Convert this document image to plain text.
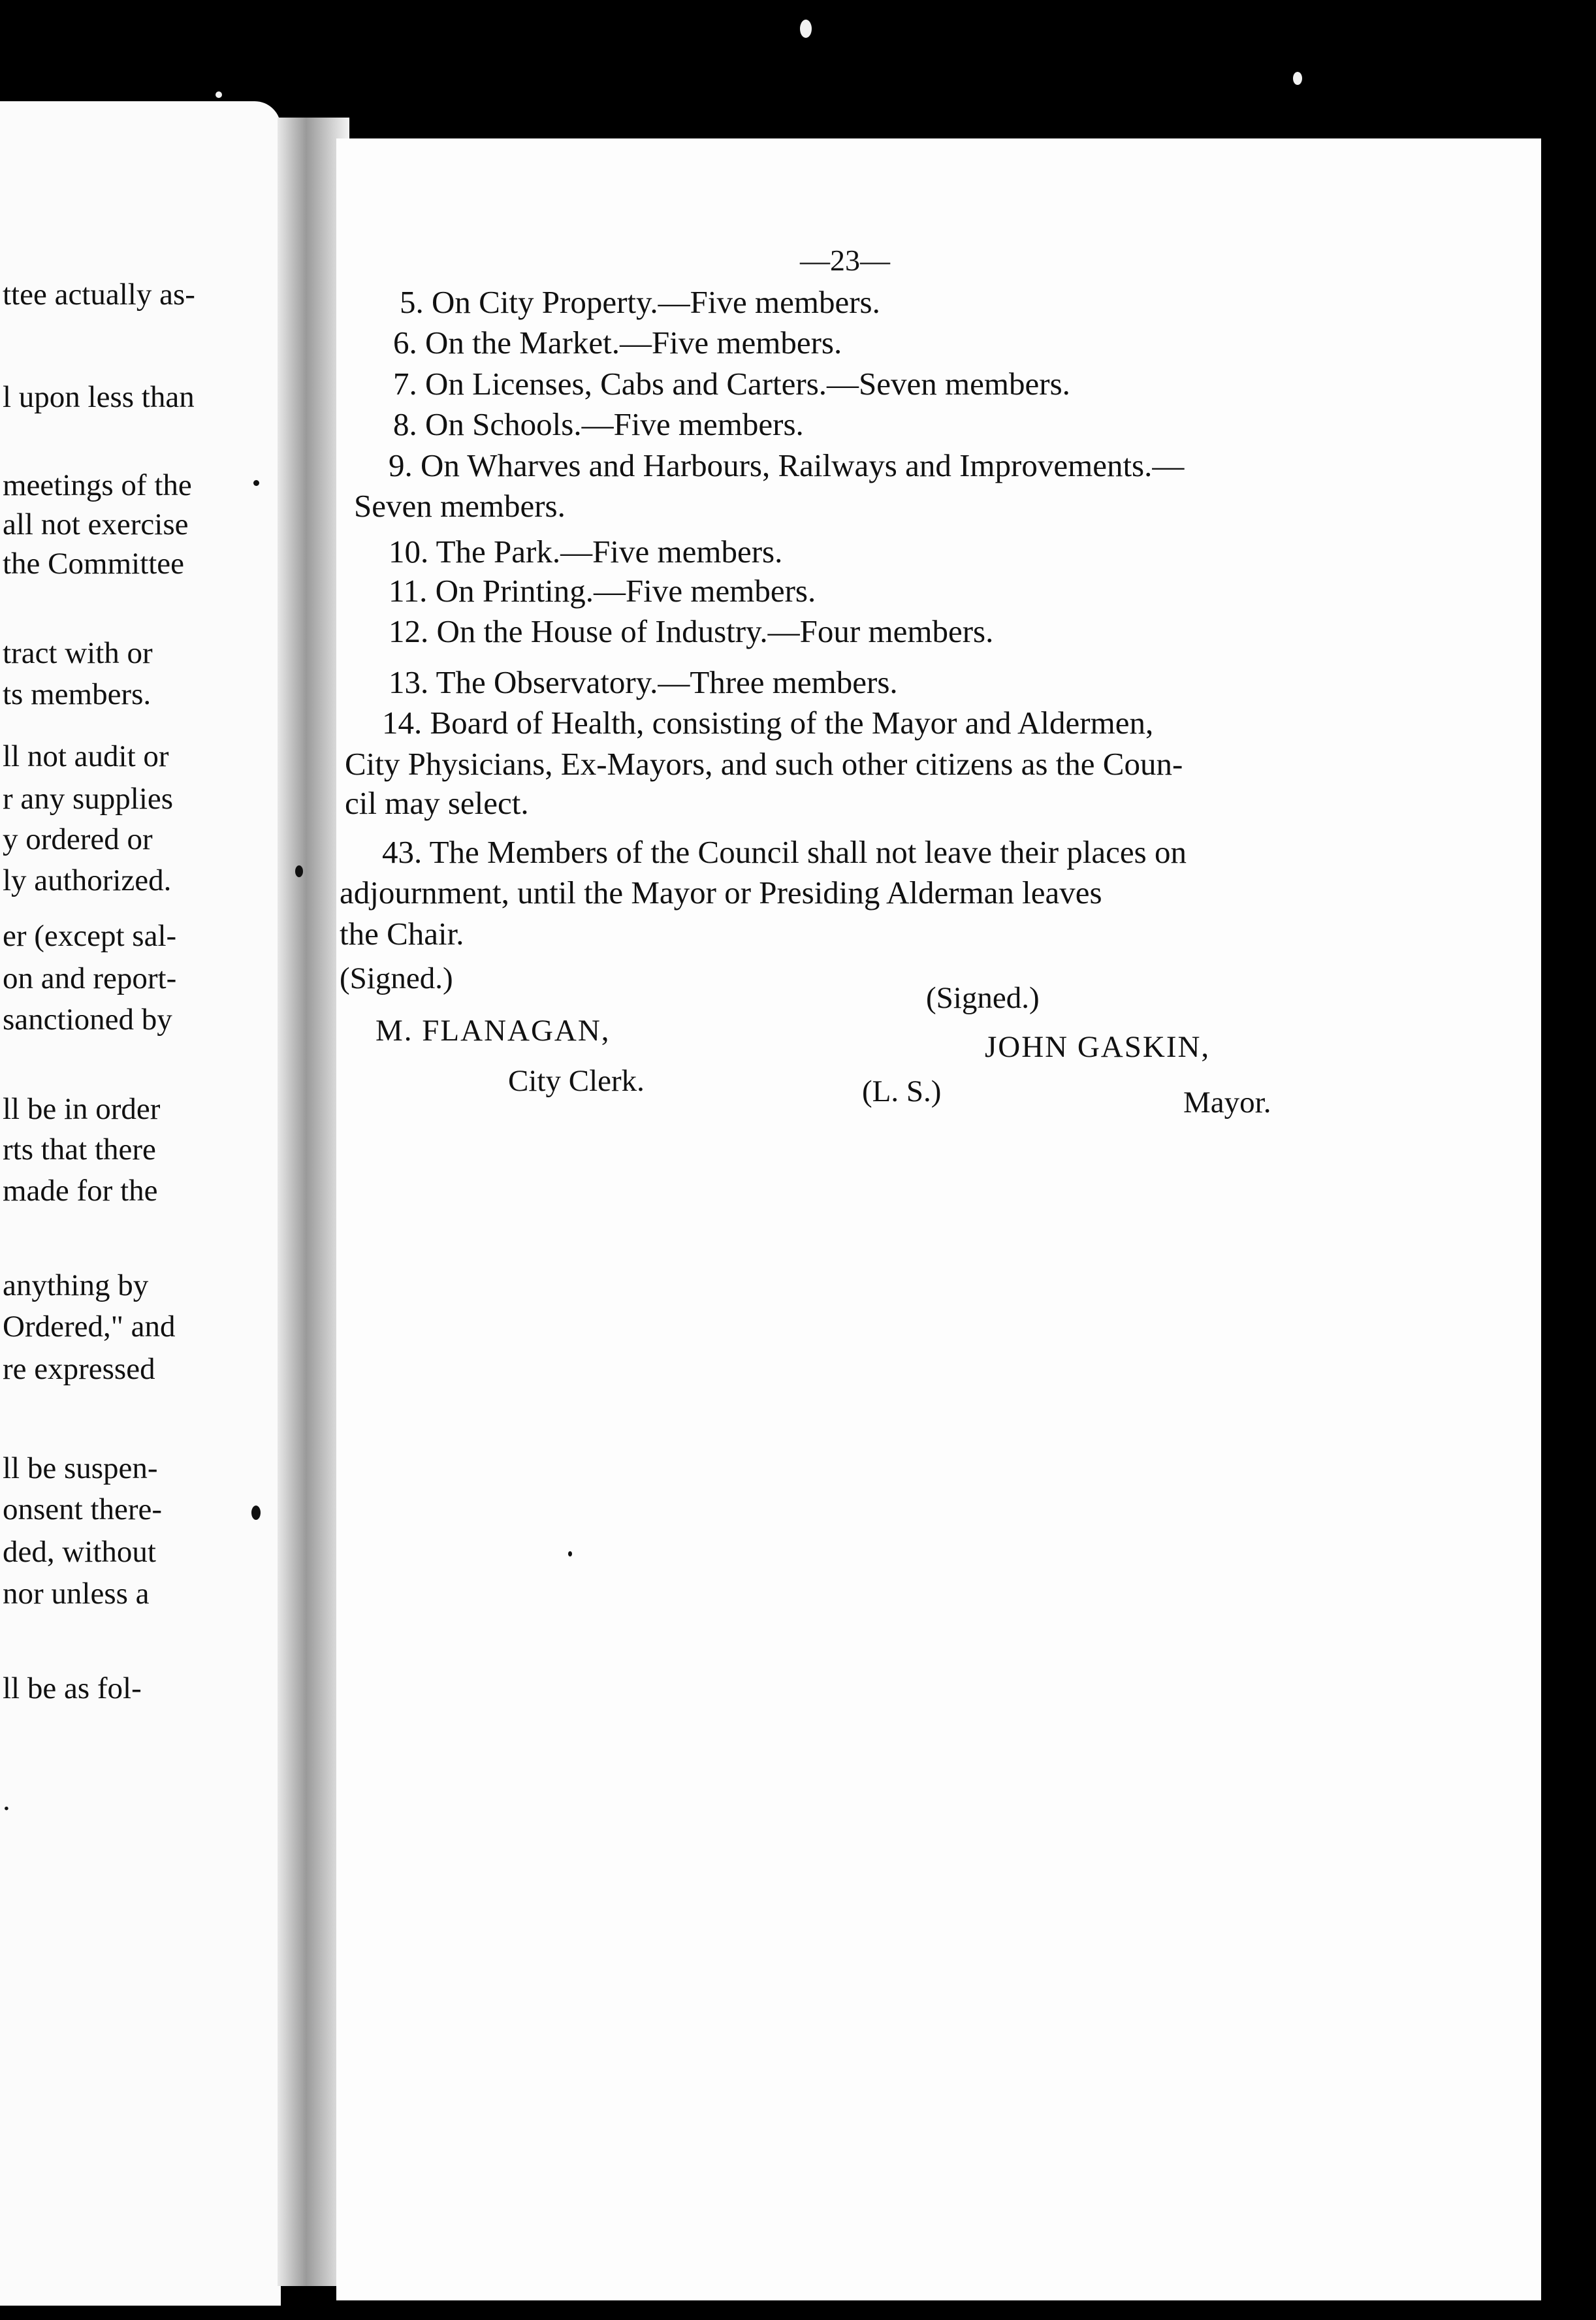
ttee actually as-
l upon less than
meetings of the
all not exercise
the Committee
tract with or
ts members.
ll not audit or
r any supplies
y ordered or
ly authorized.
er (except sal-
on and report-
sanctioned by
ll be in order
rts that there
made for the
anything by
Ordered," and
re expressed
ll be suspen-
onsent there-
ded, without
nor unless a
ll be as fol-
.
—23—
5. On City Property.—Five members.
6. On the Market.—Five members.
7. On Licenses, Cabs and Carters.—Seven members.
8. On Schools.—Five members.
9. On Wharves and Harbours, Railways and Improvements.—
Seven members.
10. The Park.—Five members.
11. On Printing.—Five members.
12. On the House of Industry.—Four members.
13. The Observatory.—Three members.
14. Board of Health, consisting of the Mayor and Aldermen,
City Physicians, Ex-Mayors, and such other citizens as the Coun-
cil may select.
43. The Members of the Council shall not leave their places on
adjournment, until the Mayor or Presiding Alderman leaves
the Chair.
(Signed.)
M. FLANAGAN,
City Clerk.
(Signed.)
JOHN GASKIN,
(L. S.)	Mayor.
